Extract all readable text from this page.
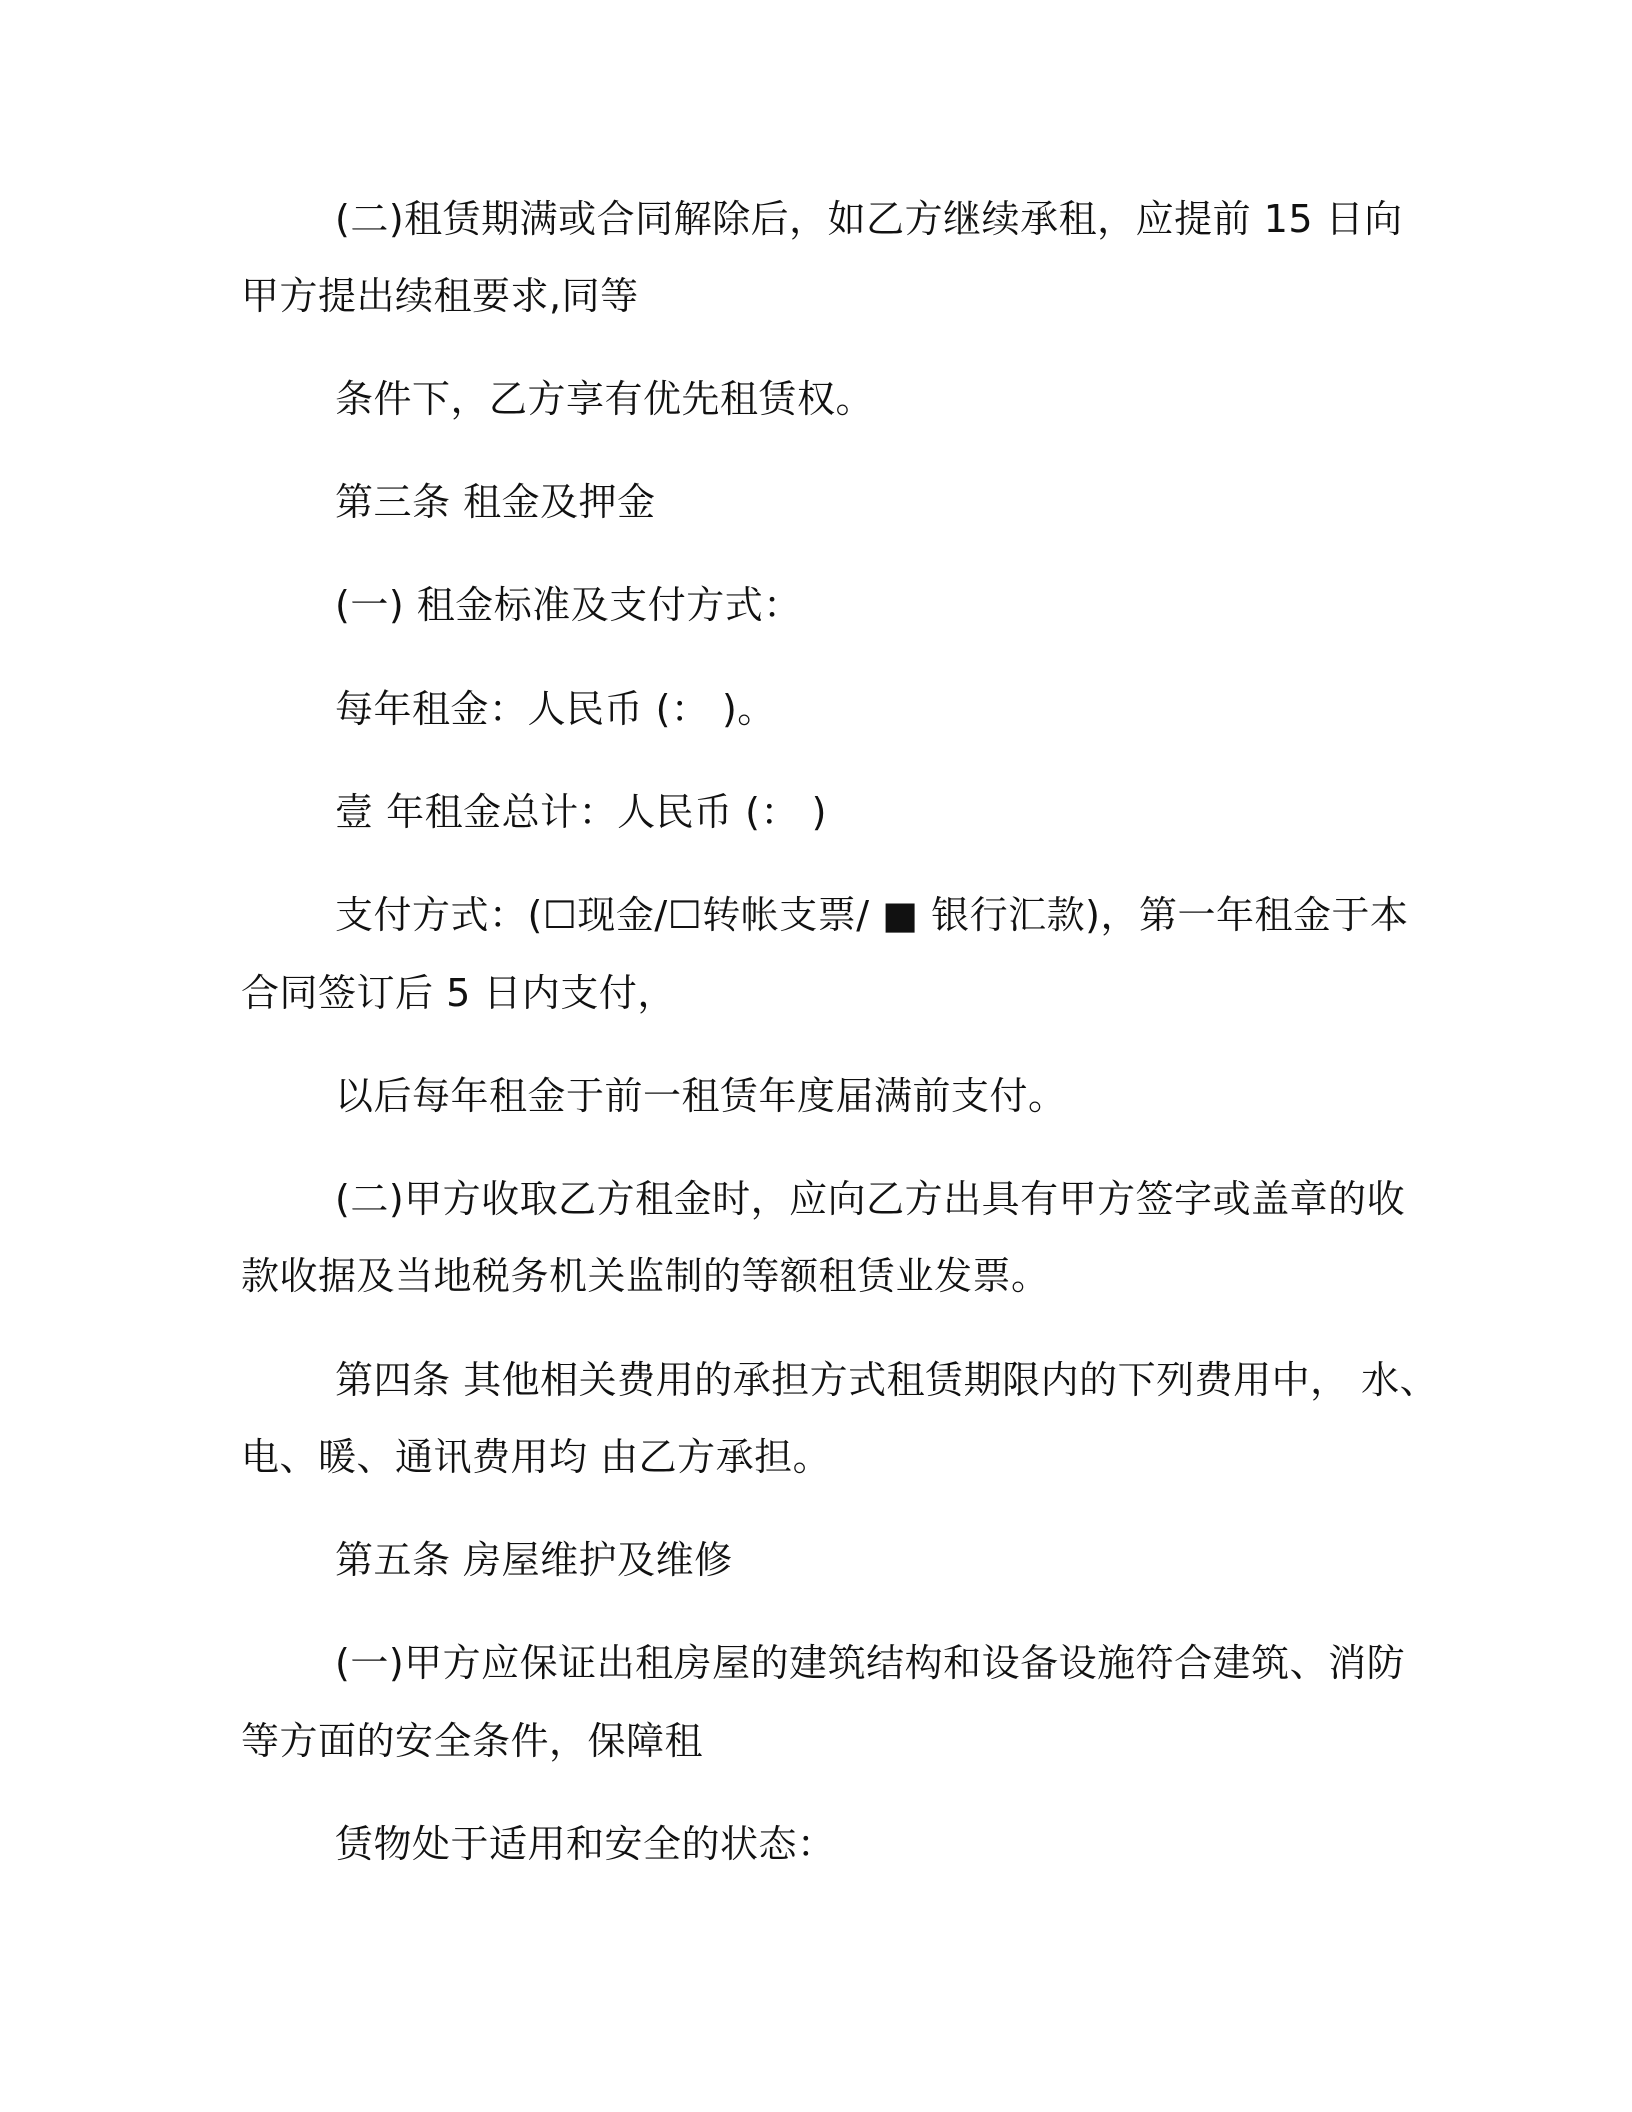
(二)租赁期满或合同解除后，如乙方继续承租，应提前 15 日向
甲方提出续租要求,同等
条件下，乙方享有优先租赁权。
第三条 租金及押金
(一) 租金标准及支付方式：
每年租金：人民币 (： )。
壹 年租金总计：人民币 (： )
支付方式：(☐现金/☐转帐支票/ ■ 银行汇款)，第一年租金于本
合同签订后 5 日内支付，
以后每年租金于前一租赁年度届满前支付。
(二)甲方收取乙方租金时，应向乙方出具有甲方签字或盖章的收
款收据及当地税务机关监制的等额租赁业发票。
第四条 其他相关费用的承担方式租赁期限内的下列费用中， 水、
电、暖、通讯费用均 由乙方承担。
第五条 房屋维护及维修
(一)甲方应保证出租房屋的建筑结构和设备设施符合建筑、消防
等方面的安全条件，保障租
赁物处于适用和安全的状态：
